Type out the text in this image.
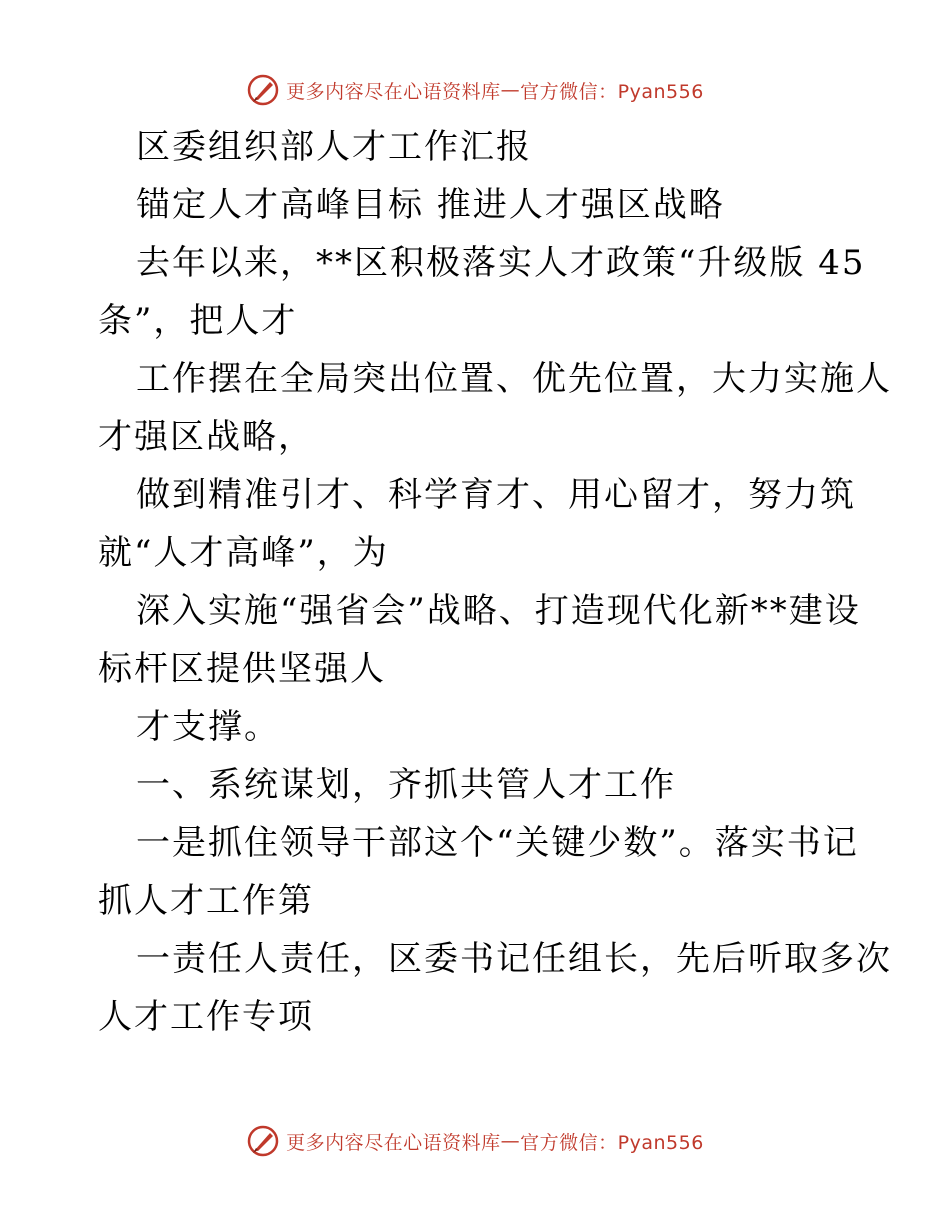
更多内容尽在心语资料库 — 官方微信：Pyan556
区委组织部人才工作汇报
锚定人才高峰目标 推进人才强区战略
去年以来，**区积极落实人才政策“升级版 45
条”，把人才
工作摆在全局突出位置、优先位置，大力实施人
才强区战略，
做到精准引才、科学育才、用心留才，努力筑
就“人才高峰”，为
深入实施“强省会”战略、打造现代化新**建设
标杆区提供坚强人
才支撑。
一、系统谋划，齐抓共管人才工作
一是抓住领导干部这个“关键少数”。落实书记
抓人才工作第
一责任人责任，区委书记任组长，先后听取多次
人才工作专项
更多内容尽在心语资料库 — 官方微信：Pyan556
